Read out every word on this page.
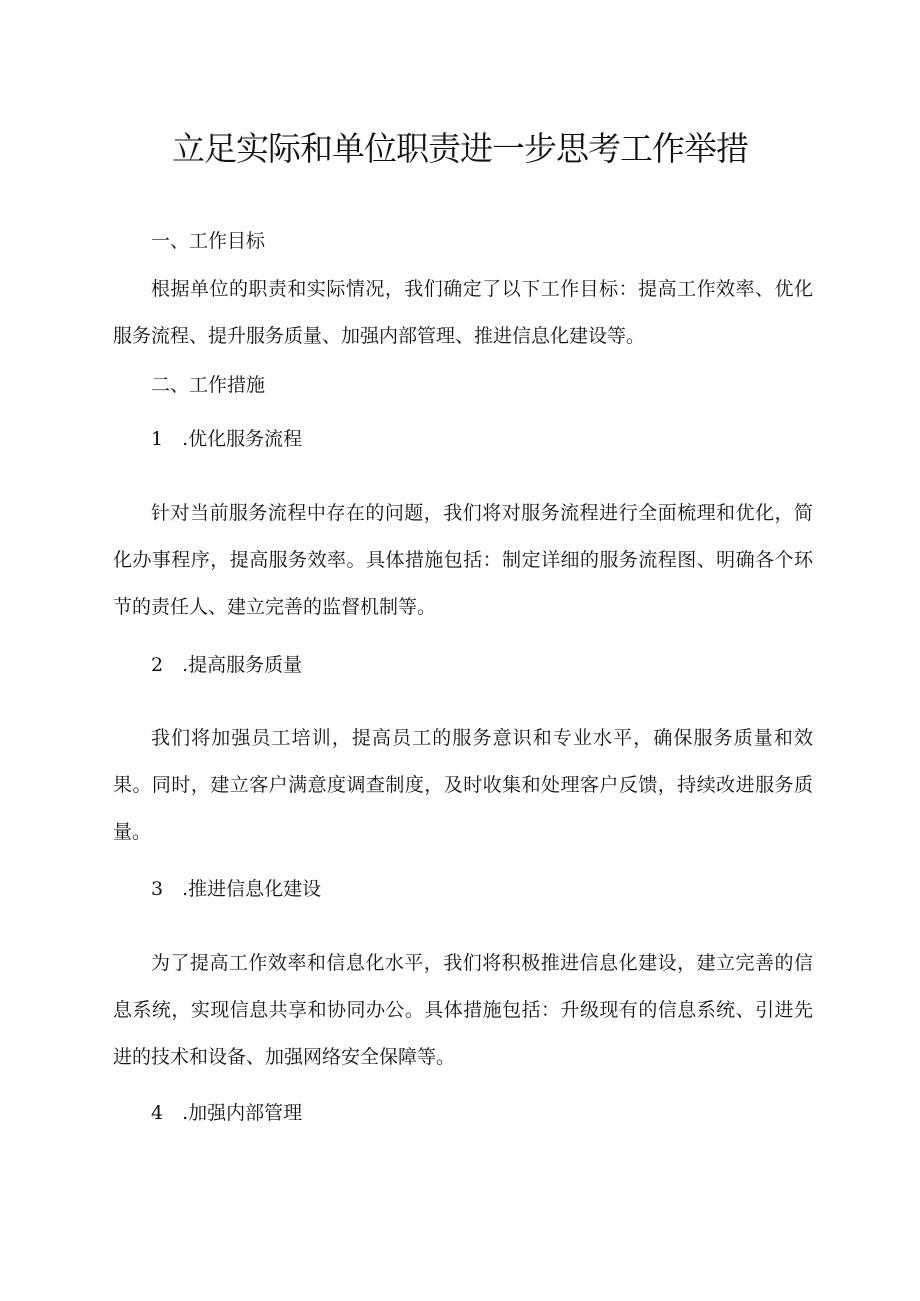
立足实际和单位职责进一步思考工作举措

一、工作目标

根据单位的职责和实际情况，我们确定了以下工作目标：提高工作效率、优化服务流程、提升服务质量、加强内部管理、推进信息化建设等。

二、工作措施

1　.优化服务流程

针对当前服务流程中存在的问题，我们将对服务流程进行全面梳理和优化，简化办事程序，提高服务效率。具体措施包括：制定详细的服务流程图、明确各个环节的责任人、建立完善的监督机制等。

2　.提高服务质量

我们将加强员工培训，提高员工的服务意识和专业水平，确保服务质量和效果。同时，建立客户满意度调查制度，及时收集和处理客户反馈，持续改进服务质量。

3　.推进信息化建设

为了提高工作效率和信息化水平，我们将积极推进信息化建设，建立完善的信息系统，实现信息共享和协同办公。具体措施包括：升级现有的信息系统、引进先进的技术和设备、加强网络安全保障等。

4　.加强内部管理
